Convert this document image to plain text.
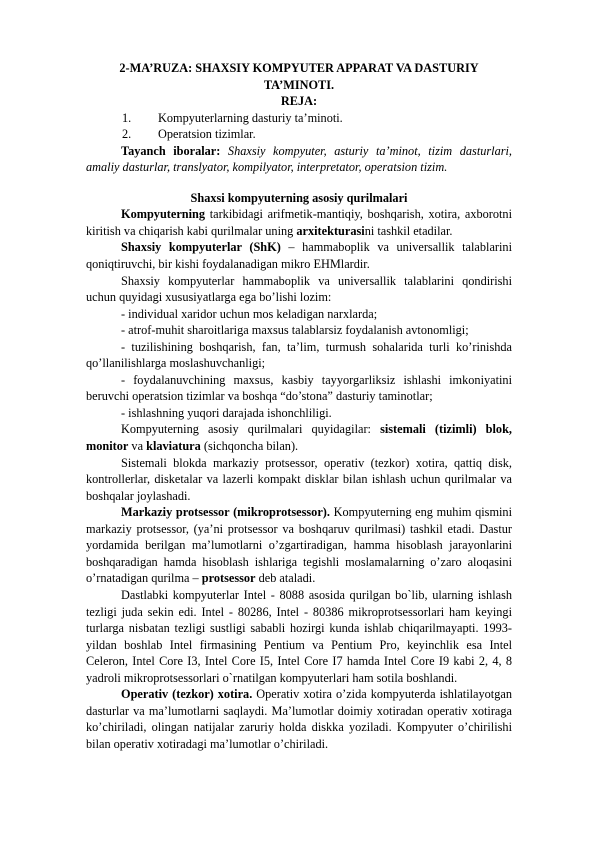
2-MA’RUZA: SHAXSIY KOMPYUTER APPARAT VA DASTURIY TA’MINOTI.

REJA:

1.	Kompyuterlarning dasturiy ta’minoti.
2.	Operatsion tizimlar.

Tayanch iboralar: Shaxsiy kompyuter, asturiy ta’minot, tizim dasturlari, amaliy dasturlar, translyator, kompilyator, interpretator, operatsion tizim.

Shaxsi kompyuterning asosiy qurilmalari

Kompyuterning tarkibidagi arifmetik-mantiqiy, boshqarish, xotira, axborotni kiritish va chiqarish kabi qurilmalar uning arxitekturasini tashkil etadilar.

Shaxsiy kompyuterlar (ShK) – hammaboplik va universallik talablarini qoniqtiruvchi, bir kishi foydalanadigan mikro EHMlardir.

Shaxsiy kompyuterlar hammaboplik va universallik talablarini qondirishi uchun quyidagi xususiyatlarga ega bo’lishi lozim:

- individual xaridor uchun mos keladigan narxlarda;

- atrof-muhit sharoitlariga maxsus talablarsiz foydalanish avtonomligi;

- tuzilishining boshqarish, fan, ta’lim, turmush sohalarida turli ko’rinishda qo’llanilishlarga moslashuvchanligi;

- foydalanuvchining maxsus, kasbiy tayyorgarliksiz ishlashi imkoniyatini beruvchi operatsion tizimlar va boshqa “do’stona” dasturiy taminotlar;

- ishlashning yuqori darajada ishonchliligi.

Kompyuterning asosiy qurilmalari quyidagilar: sistemali (tizimli) blok, monitor va klaviatura (sichqoncha bilan).

Sistemali blokda markaziy protsessor, operativ (tezkor) xotira, qattiq disk, kontrollerlar, disketalar va lazerli kompakt disklar bilan ishlash uchun qurilmalar va boshqalar joylashadi.

Markaziy protsessor (mikroprotsessor). Kompyuterning eng muhim qismini markaziy protsessor, (ya’ni protsessor va boshqaruv qurilmasi) tashkil etadi. Dastur yordamida berilgan ma’lumotlarni o’zgartiradigan, hamma hisoblash jarayonlarini boshqaradigan hamda hisoblash ishlariga tegishli moslamalarning o’zaro aloqasini o’rnatadigan qurilma – protsessor deb ataladi.

Dastlabki kompyuterlar Intel - 8088 asosida qurilgan bo`lib, ularning ishlash tezligi juda sekin edi. Intel - 80286, Intel - 80386 mikroprotsessorlari ham keyingi turlarga nisbatan tezligi sustligi sababli hozirgi kunda ishlab chiqarilmayapti. 1993-yildan boshlab Intel firmasining Pentium va Pentium Pro, keyinchlik esa Intel Celeron, Intel Core I3, Intel Core I5, Intel Core I7 hamda Intel Core I9 kabi 2, 4, 8 yadroli mikroprotsessorlari o`rnatilgan kompyuterlari ham sotila boshlandi.

Operativ (tezkor) xotira. Operativ xotira o’zida kompyuterda ishlatilayotgan dasturlar va ma’lumotlarni saqlaydi. Ma’lumotlar doimiy xotiradan operativ xotiraga ko’chiriladi, olingan natijalar zaruriy holda diskka yoziladi. Kompyuter o’chirilishi bilan operativ xotiradagi ma’lumotlar o’chiriladi.
